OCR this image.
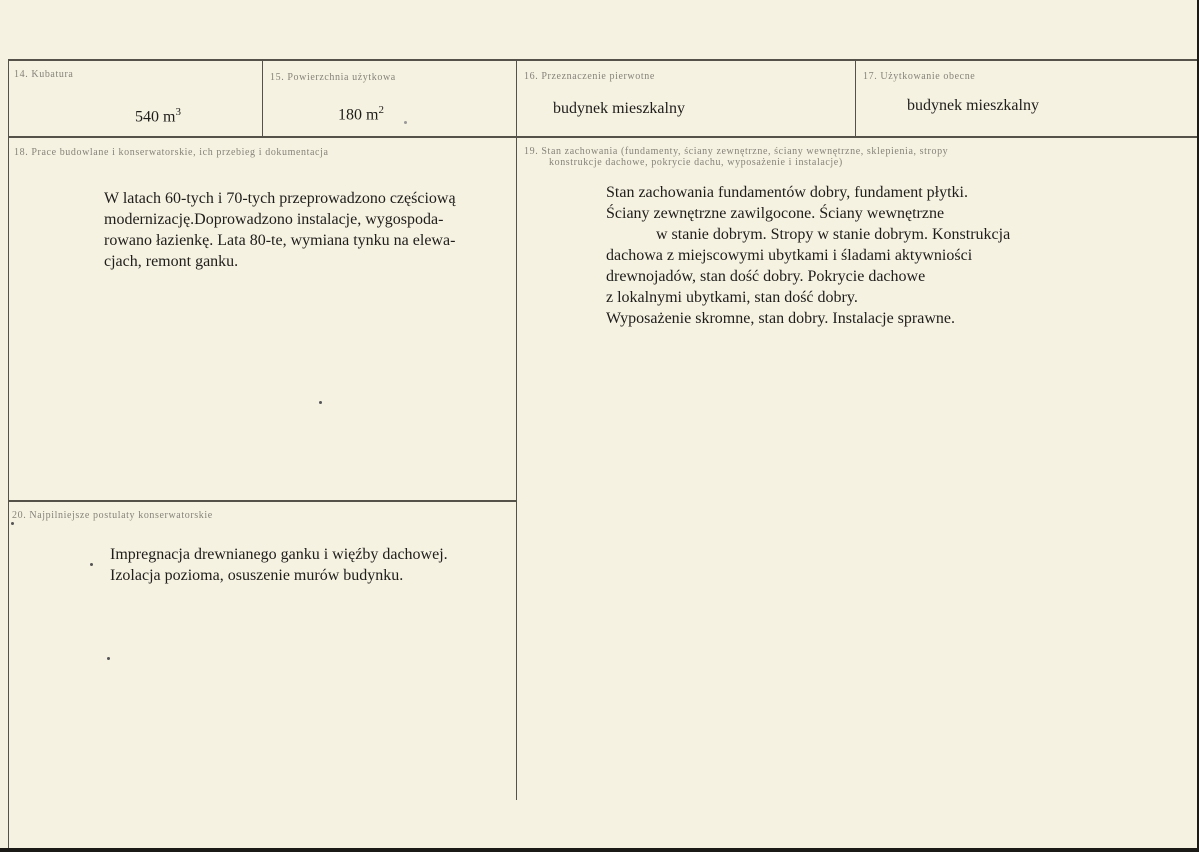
14. Kubatura
540 $m^3$
15. Powierzchnia użytkowa
180 $m^2$
16. Przeznaczenie pierwotne
budynek mieszkalny
17. Użytkowanie obecne
budynek mieszkalny
18. Prace budowlane i konserwatorskie, ich przebieg i dokumentacja
W latach 60-tych i 70-tych przeprowadzono częściową
modernizację.Doprowadzono instalacje, wygospoda-
rowano łazienkę. Lata 80-te, wymiana tynku na elewa-
cjach, remont ganku.
19. Stan zachowania (fundamenty, ściany zewnętrzne, ściany wewnętrzne, sklepienia, stropy
konstrukcje dachowe, pokrycie dachu, wyposażenie i instalacje)
Stan zachowania fundamentów dobry, fundament płytki.
Ściany zewnętrzne zawilgocone. Ściany wewnętrzne
w stanie dobrym. Stropy w stanie dobrym. Konstrukcja
dachowa z miejscowymi ubytkami i śladami aktywniości
drewnojadów, stan dość dobry. Pokrycie dachowe
z lokalnymi ubytkami, stan dość dobry.
Wyposażenie skromne, stan dobry. Instalacje sprawne.
20. Najpilniejsze postulaty konserwatorskie
Impregnacja drewnianego ganku i więźby dachowej.
Izolacja pozioma, osuszenie murów budynku.
